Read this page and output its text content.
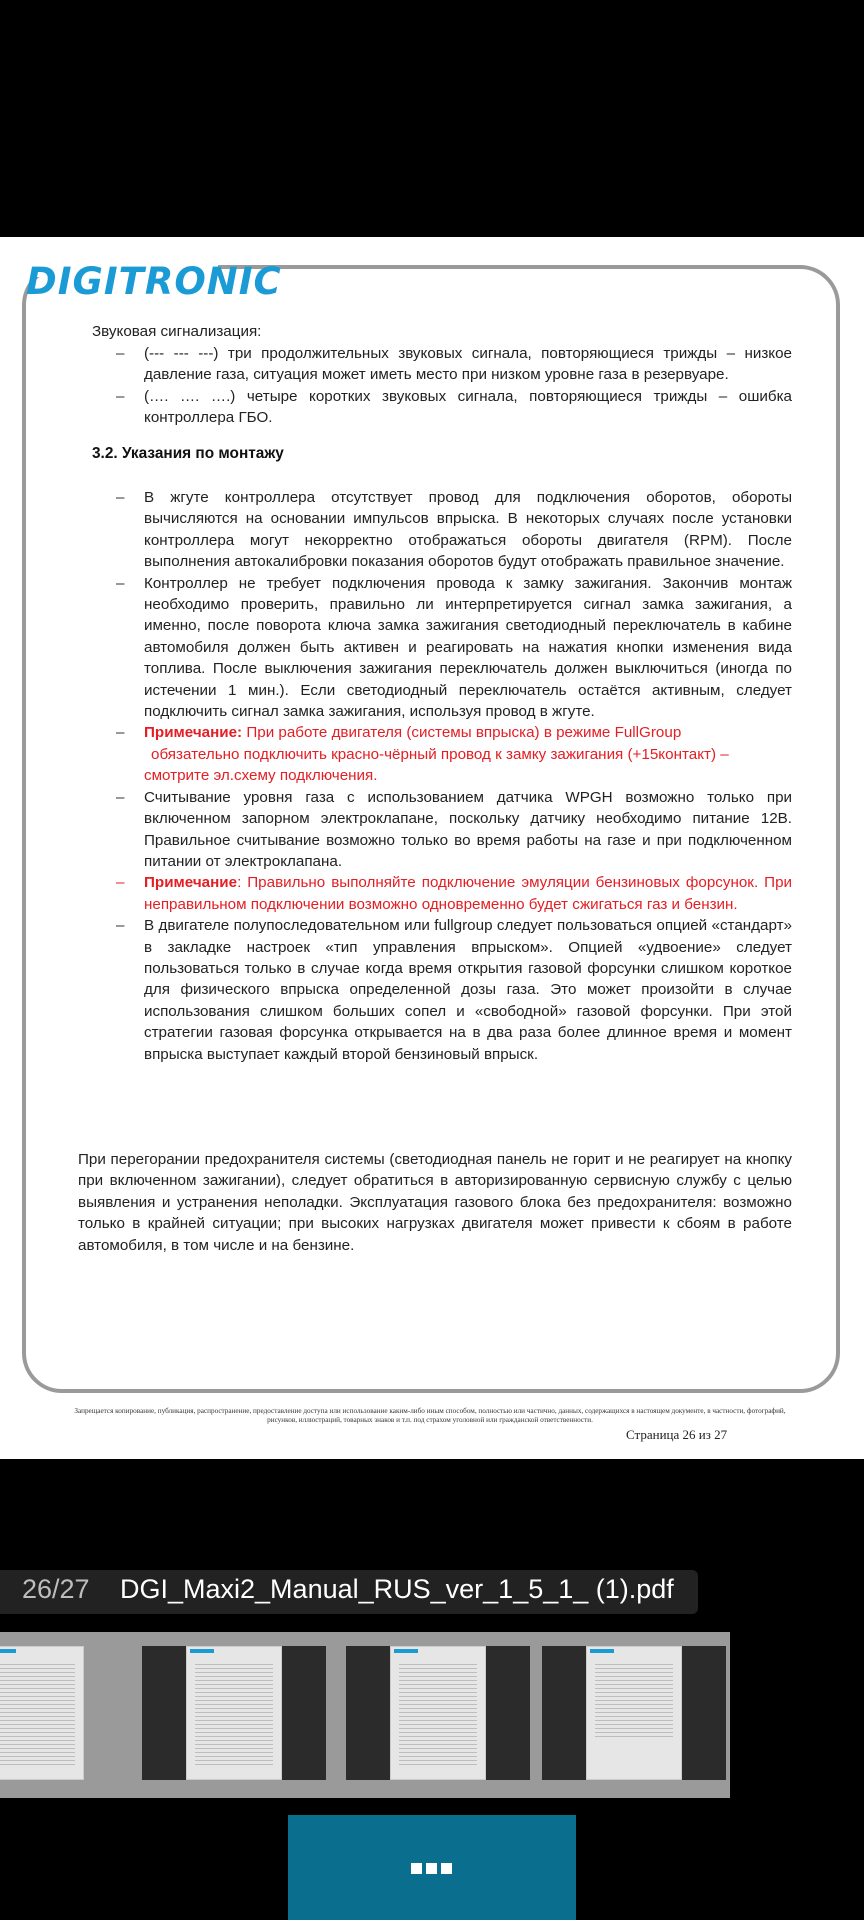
DIGITRONIC
Звуковая сигнализация:
– (--- --- ---) три продолжительных звуковых сигнала, повторяющиеся трижды – низкое давление газа, ситуация может иметь место при низком уровне газа в резервуаре.
– (…. …. ….) четыре коротких звуковых сигнала, повторяющиеся трижды – ошибка контроллера ГБО.
3.2. Указания по монтажу
– В жгуте контроллера отсутствует провод для подключения оборотов, обороты вычисляются на основании импульсов впрыска. В некоторых случаях после установки контроллера могут некорректно отображаться обороты двигателя (RPM). После выполнения автокалибровки показания оборотов будут отображать правильное значение.
– Контроллер не требует подключения провода к замку зажигания. Закончив монтаж необходимо проверить, правильно ли интерпретируется сигнал замка зажигания, а именно, после поворота ключа замка зажигания светодиодный переключатель в кабине автомобиля должен быть активен и реагировать на нажатия кнопки изменения вида топлива. После выключения зажигания переключатель должен выключиться (иногда по истечении 1 мин.). Если светодиодный переключатель остаётся активным, следует подключить сигнал замка зажигания, используя провод в жгуте.
– Примечание: При работе двигателя (системы впрыска) в режиме FullGroup
обязательно подключить красно-чёрный провод к замку зажигания (+15контакт) –
смотрите эл.схему подключения.
– Считывание уровня газа с использованием датчика WPGH возможно только при включенном запорном электроклапане, поскольку датчику необходимо питание 12В. Правильное считывание возможно только во время работы на газе и при подключенном питании от электроклапана.
– Примечание: Правильно выполняйте подключение эмуляции бензиновых форсунок. При неправильном подключении возможно одновременно будет сжигаться газ и бензин.
– В двигателе полупоследовательном или fullgroup следует пользоваться опцией «стандарт» в закладке настроек «тип управления впрыском». Опцией «удвоение» следует пользоваться только в случае когда время открытия газовой форсунки слишком короткое для физического впрыска определенной дозы газа. Это может произойти в случае использования слишком больших сопел и «свободной» газовой форсунки. При этой стратегии газовая форсунка открывается на в два раза более длинное время и момент впрыска выступает каждый второй бензиновый впрыск.
При перегорании предохранителя системы (светодиодная панель не горит и не реагирует на кнопку при включенном зажигании), следует обратиться в авторизированную сервисную службу с целью выявления и устранения неполадки. Эксплуатация газового блока без предохранителя: возможно только в крайней ситуации; при высоких нагрузках двигателя может привести к сбоям в работе автомобиля, в том числе и на бензине.
Запрещается копирование, публикация, распространение, предоставление доступа или использование каким-либо иным способом, полностью или частично, данных, содержащихся в настоящем документе, в частности, фотографий, рисунков, иллюстраций, товарных знаков и т.п. под страхом уголовной или гражданской ответственности.
Страница 26 из 27
26/27 DGI_Maxi2_Manual_RUS_ver_1_5_1_ (1).pdf
